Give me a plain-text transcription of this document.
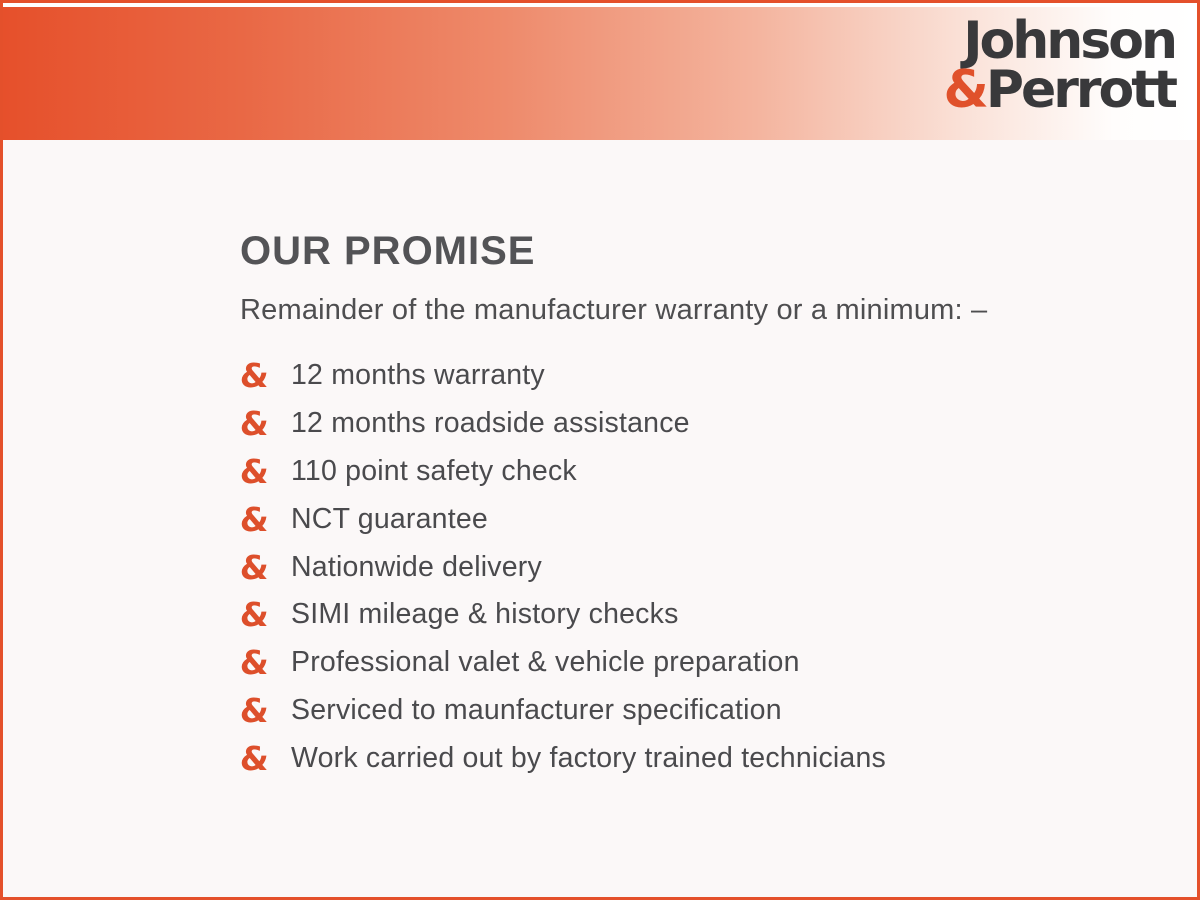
Johnson
&Perrott
OUR PROMISE

Remainder of the manufacturer warranty or a minimum: –

& 12 months warranty
& 12 months roadside assistance
& 110 point safety check
& NCT guarantee
& Nationwide delivery
& SIMI mileage & history checks
& Professional valet & vehicle preparation
& Serviced to maunfacturer specification
& Work carried out by factory trained technicians
